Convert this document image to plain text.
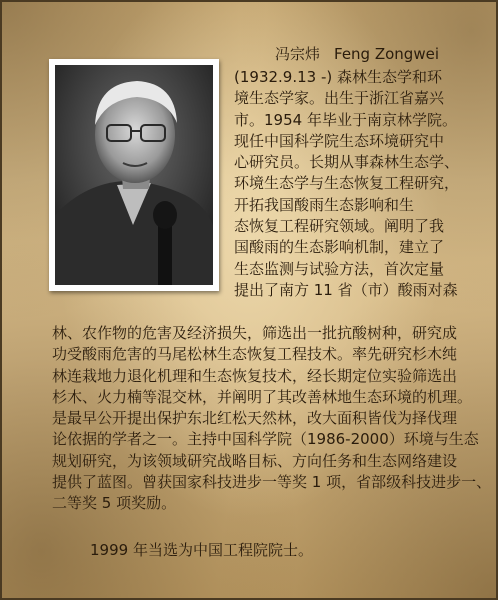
冯宗炜 Feng Zongwei
(1932.9.13 -) 森林生态学和环
境生态学家。出生于浙江省嘉兴
市。1954 年毕业于南京林学院。
现任中国科学院生态环境研究中
心研究员。长期从事森林生态学、
环境生态学与生态恢复工程研究，
开拓我国酸雨生态影响和生
态恢复工程研究领域。阐明了我
国酸雨的生态影响机制，建立了
生态监测与试验方法，首次定量
提出了南方 11 省（市）酸雨对森
林、农作物的危害及经济损失，筛选出一批抗酸树种，研究成
功受酸雨危害的马尾松林生态恢复工程技术。率先研究杉木纯
林连栽地力退化机理和生态恢复技术，经长期定位实验筛选出
杉木、火力楠等混交林，并阐明了其改善林地生态环境的机理。
是最早公开提出保护东北红松天然林，改大面积皆伐为择伐理
论依据的学者之一。主持中国科学院（1986-2000）环境与生态
规划研究，为该领域研究战略目标、方向任务和生态网络建设
提供了蓝图。曾获国家科技进步一等奖 1 项，省部级科技进步一、
二等奖 5 项奖励。
1999 年当选为中国工程院院士。
